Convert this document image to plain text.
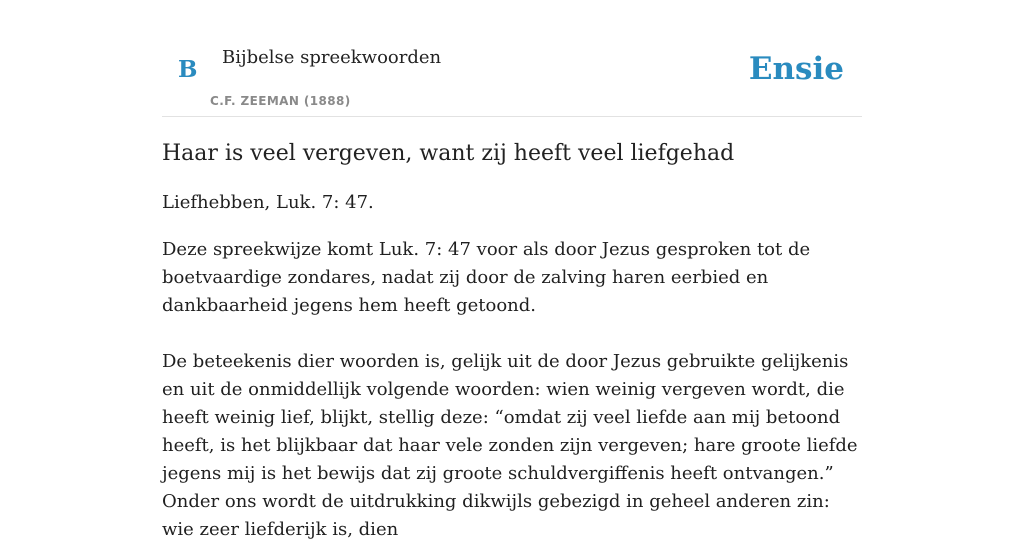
B Bijbelse spreekwoorden
C.F. ZEEMAN (1888)
Ensie
Haar is veel vergeven, want zij heeft veel liefgehad

Liefhebben, Luk. 7: 47.

Deze spreekwijze komt Luk. 7: 47 voor als door Jezus gesproken tot de boetvaardige zondares, nadat zij door de zalving haren eerbied en dankbaarheid jegens hem heeft getoond.

De beteekenis dier woorden is, gelijk uit de door Jezus gebruikte gelijkenis en uit de onmiddellijk volgende woorden: wien weinig vergeven wordt, die heeft weinig lief, blijkt, stellig deze: “omdat zij veel liefde aan mij betoond heeft, is het blijkbaar dat haar vele zonden zijn vergeven; hare groote liefde jegens mij is het bewijs dat zij groote schuldvergiffenis heeft ontvangen.” Onder ons wordt de uitdrukking dikwijls gebezigd in geheel anderen zin: wie zeer liefderijk is, dien
